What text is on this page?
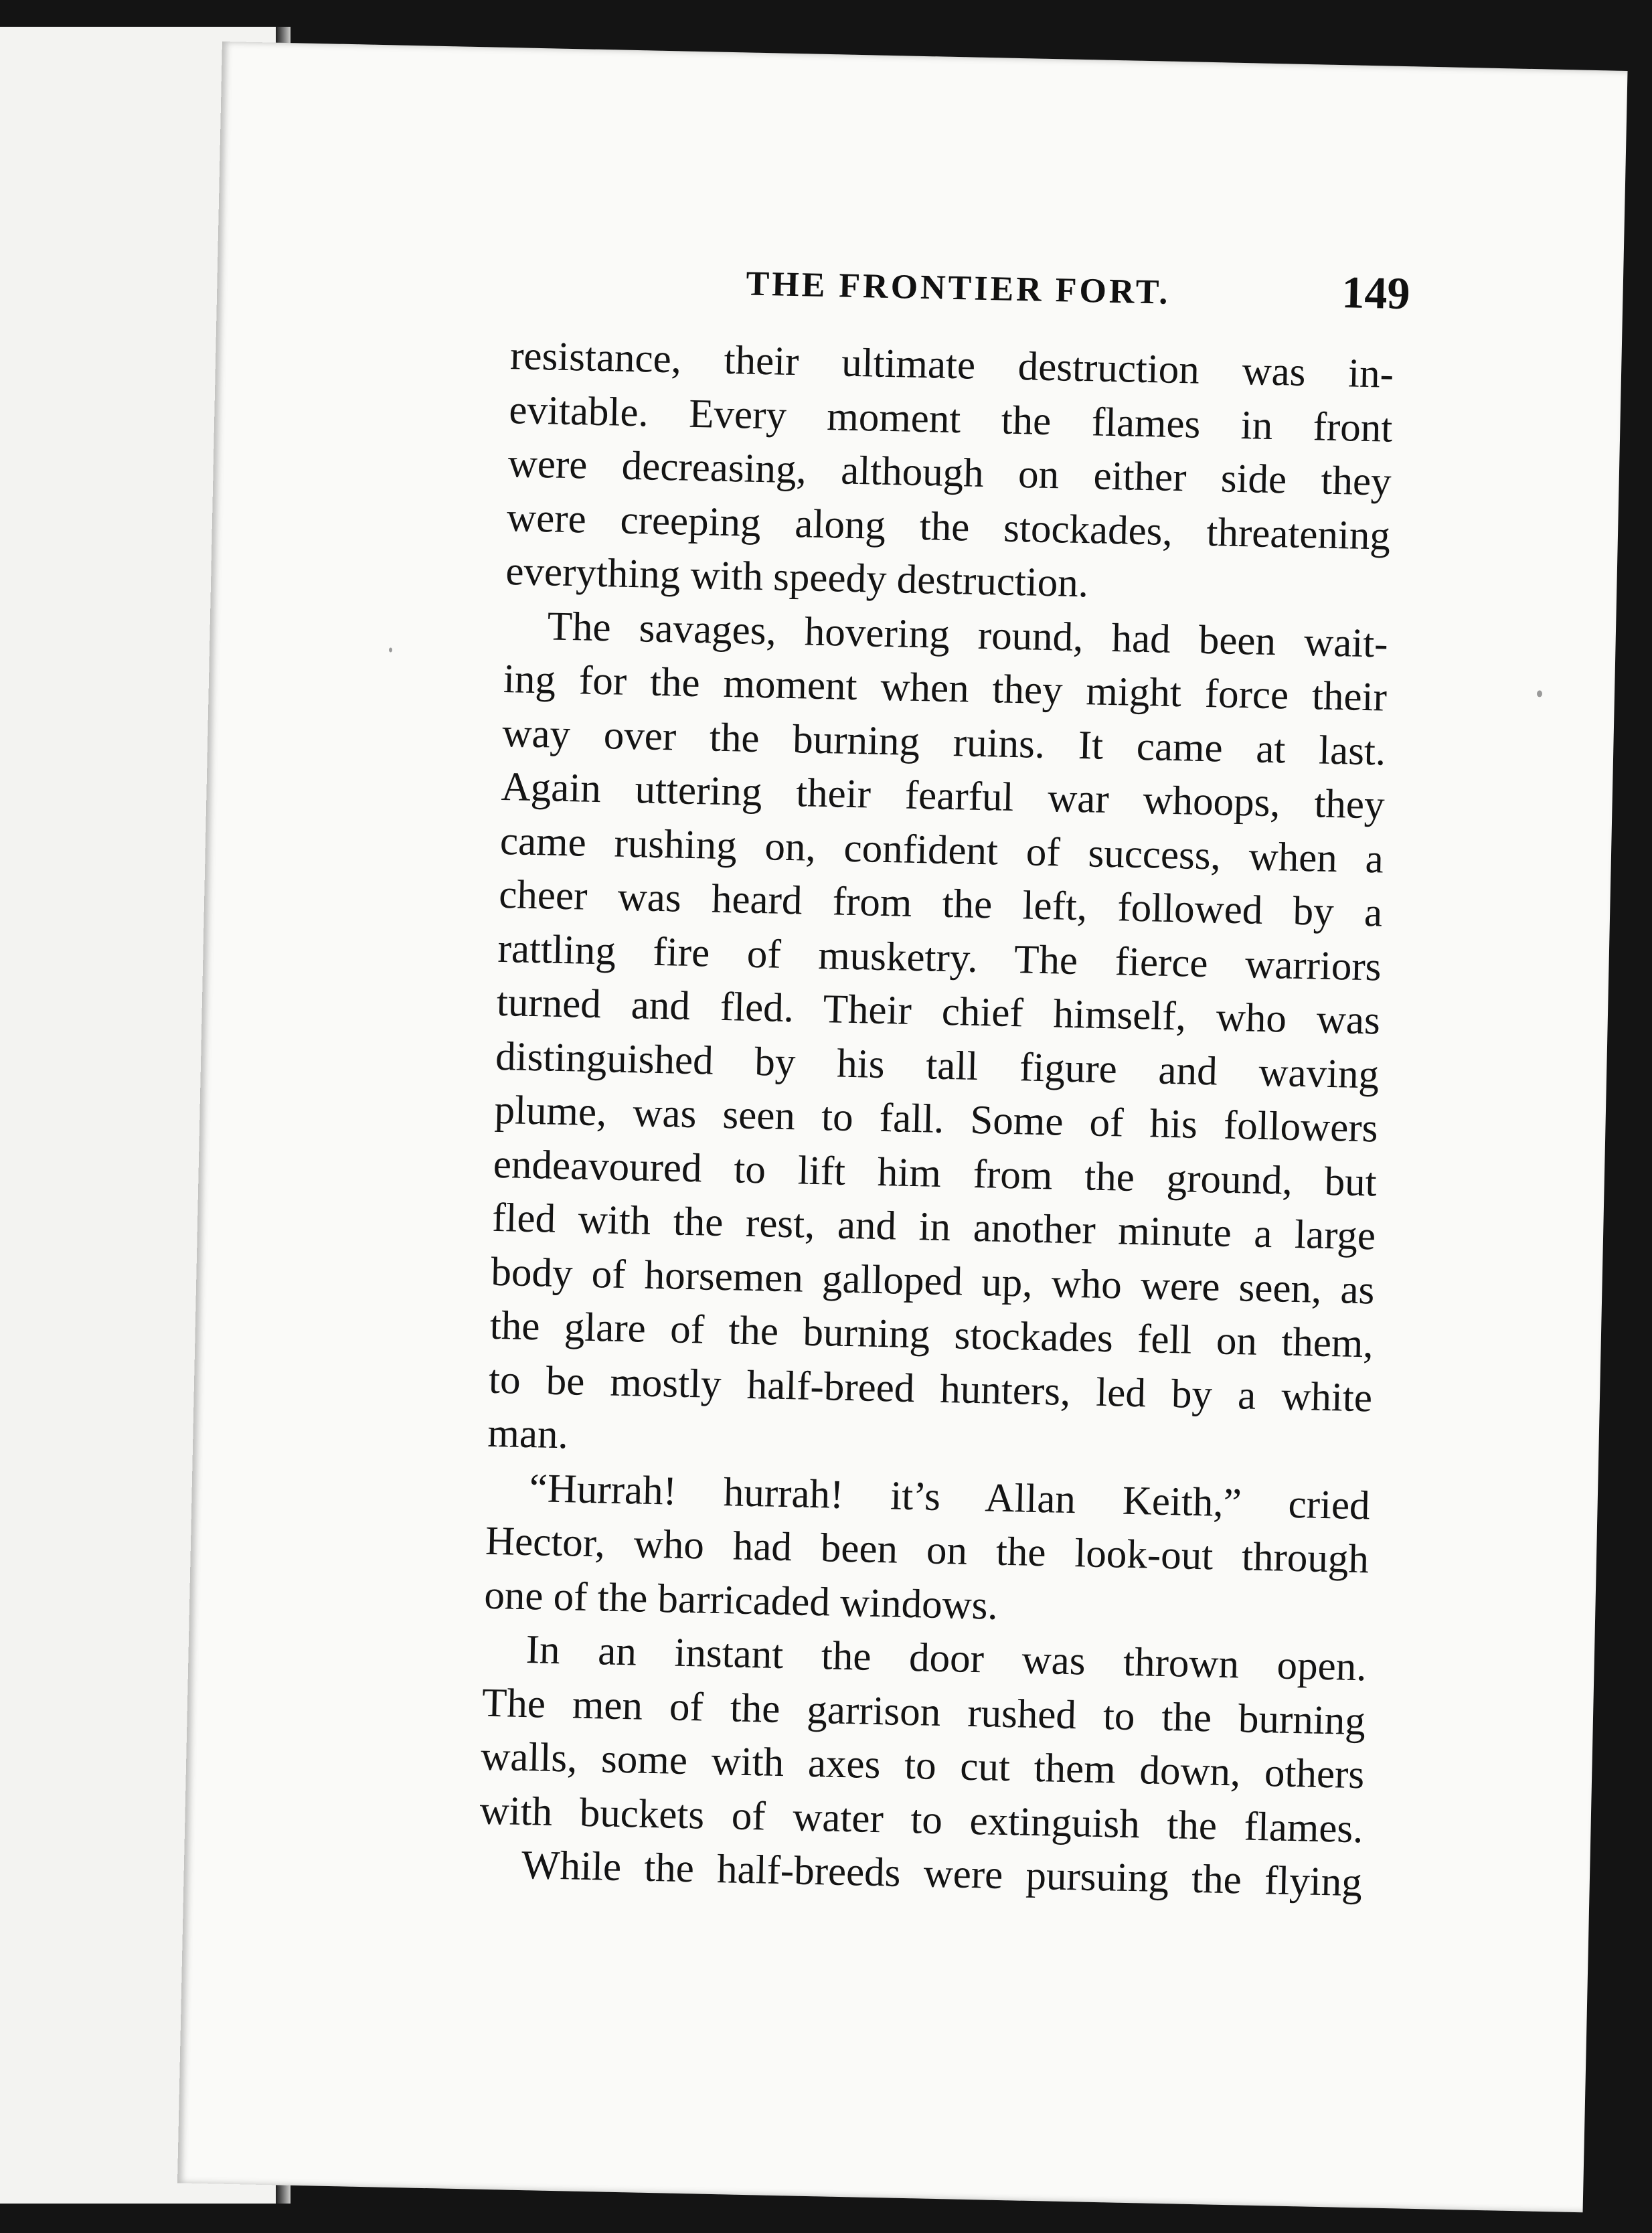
THE FRONTIER FORT.	149
resistance, their ultimate destruction was in-
evitable. Every moment the flames in front
were decreasing, although on either side they
were creeping along the stockades, threatening
everything with speedy destruction.
The savages, hovering round, had been wait-
ing for the moment when they might force their
way over the burning ruins. It came at last.
Again uttering their fearful war whoops, they
came rushing on, confident of success, when a
cheer was heard from the left, followed by a
rattling fire of musketry. The fierce warriors
turned and fled. Their chief himself, who was
distinguished by his tall figure and waving
plume, was seen to fall. Some of his followers
endeavoured to lift him from the ground, but
fled with the rest, and in another minute a large
body of horsemen galloped up, who were seen, as
the glare of the burning stockades fell on them,
to be mostly half-breed hunters, led by a white
man.
“Hurrah! hurrah! it’s Allan Keith,” cried
Hector, who had been on the look-out through
one of the barricaded windows.
In an instant the door was thrown open.
The men of the garrison rushed to the burning
walls, some with axes to cut them down, others
with buckets of water to extinguish the flames.
While the half-breeds were pursuing the flying
